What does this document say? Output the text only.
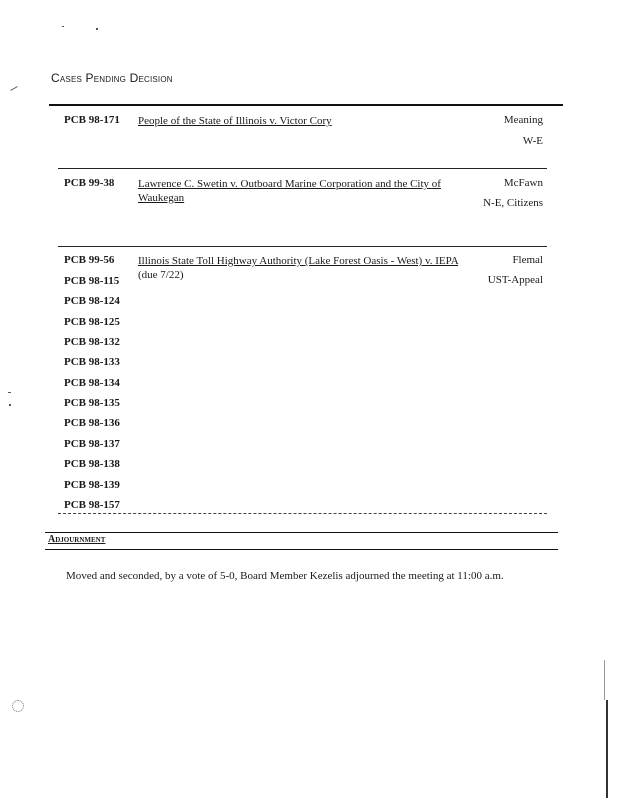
Cases Pending Decision
PCB 98-171 People of the State of Illinois v. Victor Cory	Meaning
W-E
PCB 99-38 Lawrence C. Swetin v. Outboard Marine Corporation and the City of Waukegan
McFawn
N-E, Citizens
PCB 99-56
PCB 98-115
PCB 98-124
PCB 98-125
PCB 98-132
PCB 98-133
PCB 98-134
PCB 98-135
PCB 98-136
PCB 98-137
PCB 98-138
PCB 98-139
PCB 98-157
Illinois State Toll Highway Authority (Lake Forest Oasis - West) v. IEPA (due 7/22)
Flemal
UST-Appeal
Adjournment
Moved and seconded, by a vote of 5-0, Board Member Kezelis adjourned the meeting at 11:00 a.m.
